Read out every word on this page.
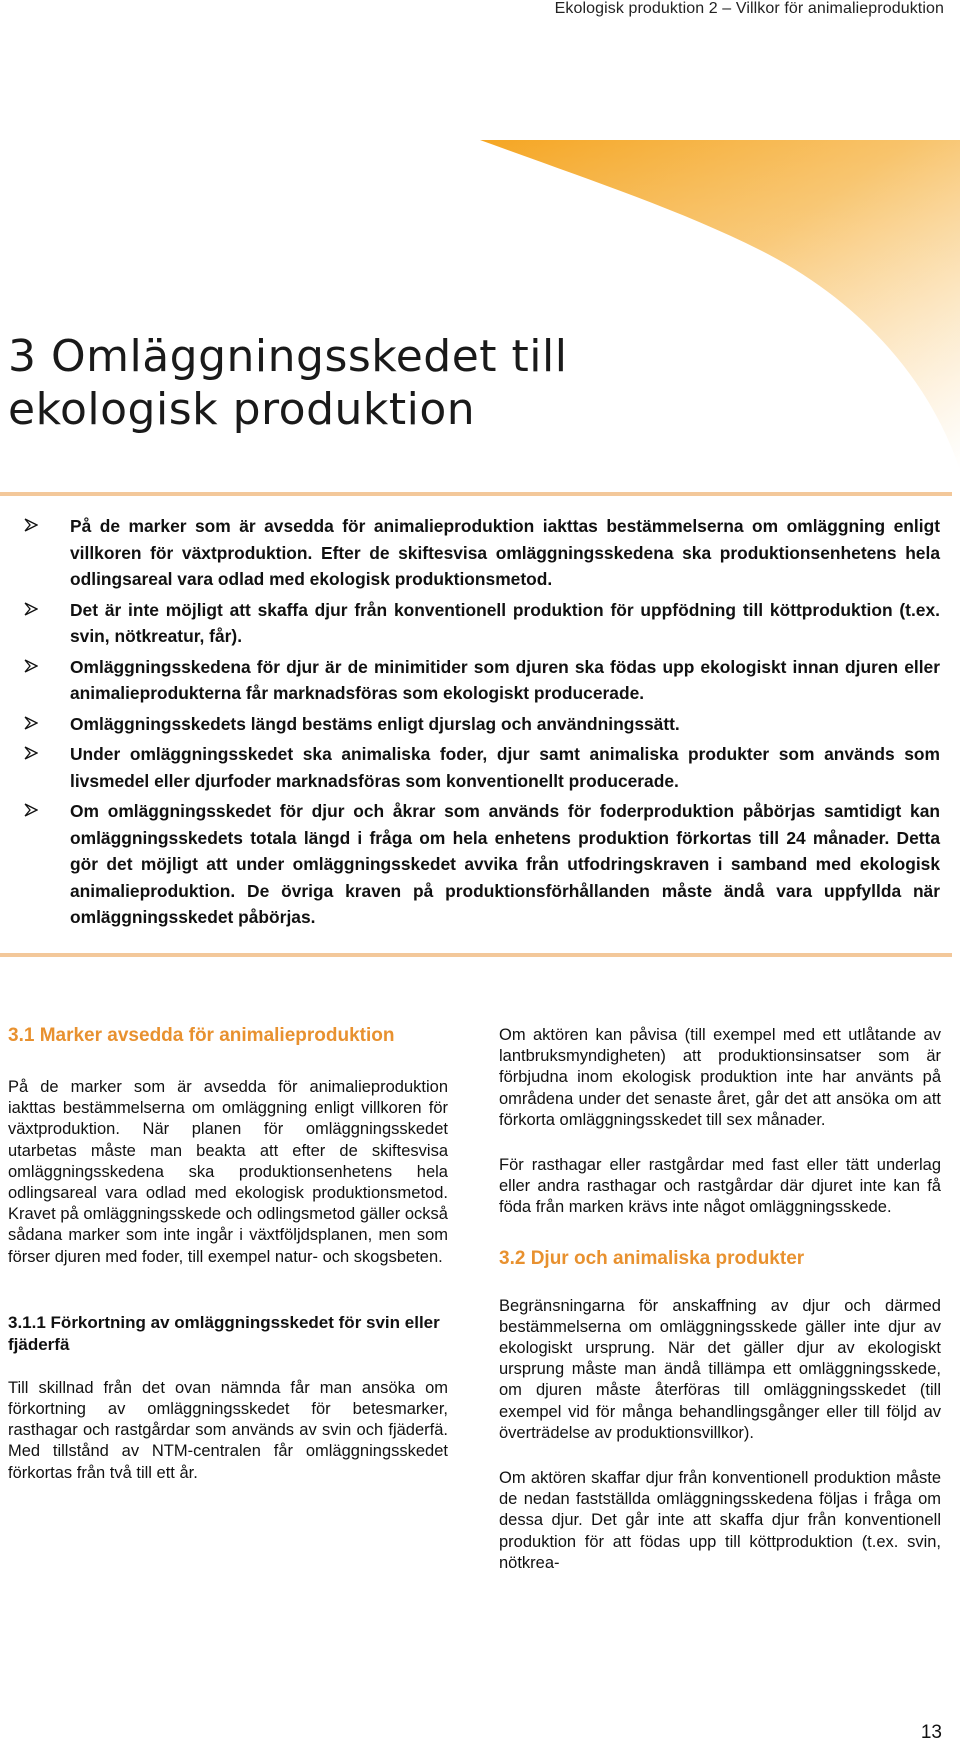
Ekologisk produktion 2 – Villkor för animalieproduktion
3 Omläggningsskedet till
ekologisk produktion
På de marker som är avsedda för animalieproduktion iakttas bestämmelserna om omläggning enligt villkoren för växtproduktion. Efter de skiftesvisa omläggningsskedena ska produktionsenhetens hela odlingsareal vara odlad med ekologisk produktionsmetod.
Det är inte möjligt att skaffa djur från konventionell produktion för uppfödning till köttproduktion (t.ex. svin, nötkreatur, får).
Omläggningsskedena för djur är de minimitider som djuren ska födas upp ekologiskt innan djuren eller animalieprodukterna får marknadsföras som ekologiskt producerade.
Omläggningsskedets längd bestäms enligt djurslag och användningssätt.
Under omläggningsskedet ska animaliska foder, djur samt animaliska produkter som används som livsmedel eller djurfoder marknadsföras som konventionellt producerade.
Om omläggningsskedet för djur och åkrar som används för foderproduktion påbörjas samtidigt kan omläggningsskedets totala längd i fråga om hela enhetens produktion förkortas till 24 månader. Detta gör det möjligt att under omläggningsskedet avvika från utfodringskraven i samband med ekologisk animalieproduktion. De övriga kraven på produktionsförhållanden måste ändå vara uppfyllda när omläggningsskedet påbörjas.
3.1 Marker avsedda för animalieproduktion

På de marker som är avsedda för animalieproduktion iakttas bestämmelserna om omläggning enligt villkoren för växtproduktion. När planen för omläggningsskedet utarbetas måste man beakta att efter de skiftesvisa omläggningsskedena ska produktionsenhetens hela odlingsareal vara odlad med ekologisk produktionsmetod. Kravet på omläggningsskede och odlingsmetod gäller också sådana marker som inte ingår i växtföljdsplanen, men som förser djuren med foder, till exempel natur- och skogsbeten.

3.1.1 Förkortning av omläggningsskedet för svin eller fjäderfä

Till skillnad från det ovan nämnda får man ansöka om förkortning av omläggningsskedet för betesmarker, rasthagar och rastgårdar som används av svin och fjäderfä. Med tillstånd av NTM-centralen får omläggningsskedet förkortas från två till ett år.

Om aktören kan påvisa (till exempel med ett utlåtande av lantbruksmyndigheten) att produktionsinsatser som är förbjudna inom ekologisk produktion inte har använts på områdena under det senaste året, går det att ansöka om att förkorta omläggningsskedet till sex månader.

För rasthagar eller rastgårdar med fast eller tätt underlag eller andra rasthagar och rastgårdar där djuret inte kan få föda från marken krävs inte något omläggningsskede.

3.2 Djur och animaliska produkter

Begränsningarna för anskaffning av djur och därmed bestämmelserna om omläggningsskede gäller inte djur av ekologiskt ursprung. När det gäller djur av ekologiskt ursprung måste man ändå tillämpa ett omläggningsskede, om djuren måste återföras till omläggningsskedet (till exempel vid för många behandlingsgånger eller till följd av överträdelse av produktionsvillkor).

Om aktören skaffar djur från konventionell produktion måste de nedan fastställda omläggningsskedena följas i fråga om dessa djur. Det går inte att skaffa djur från konventionell produktion för att födas upp till köttproduktion (t.ex. svin, nötkrea-

13
